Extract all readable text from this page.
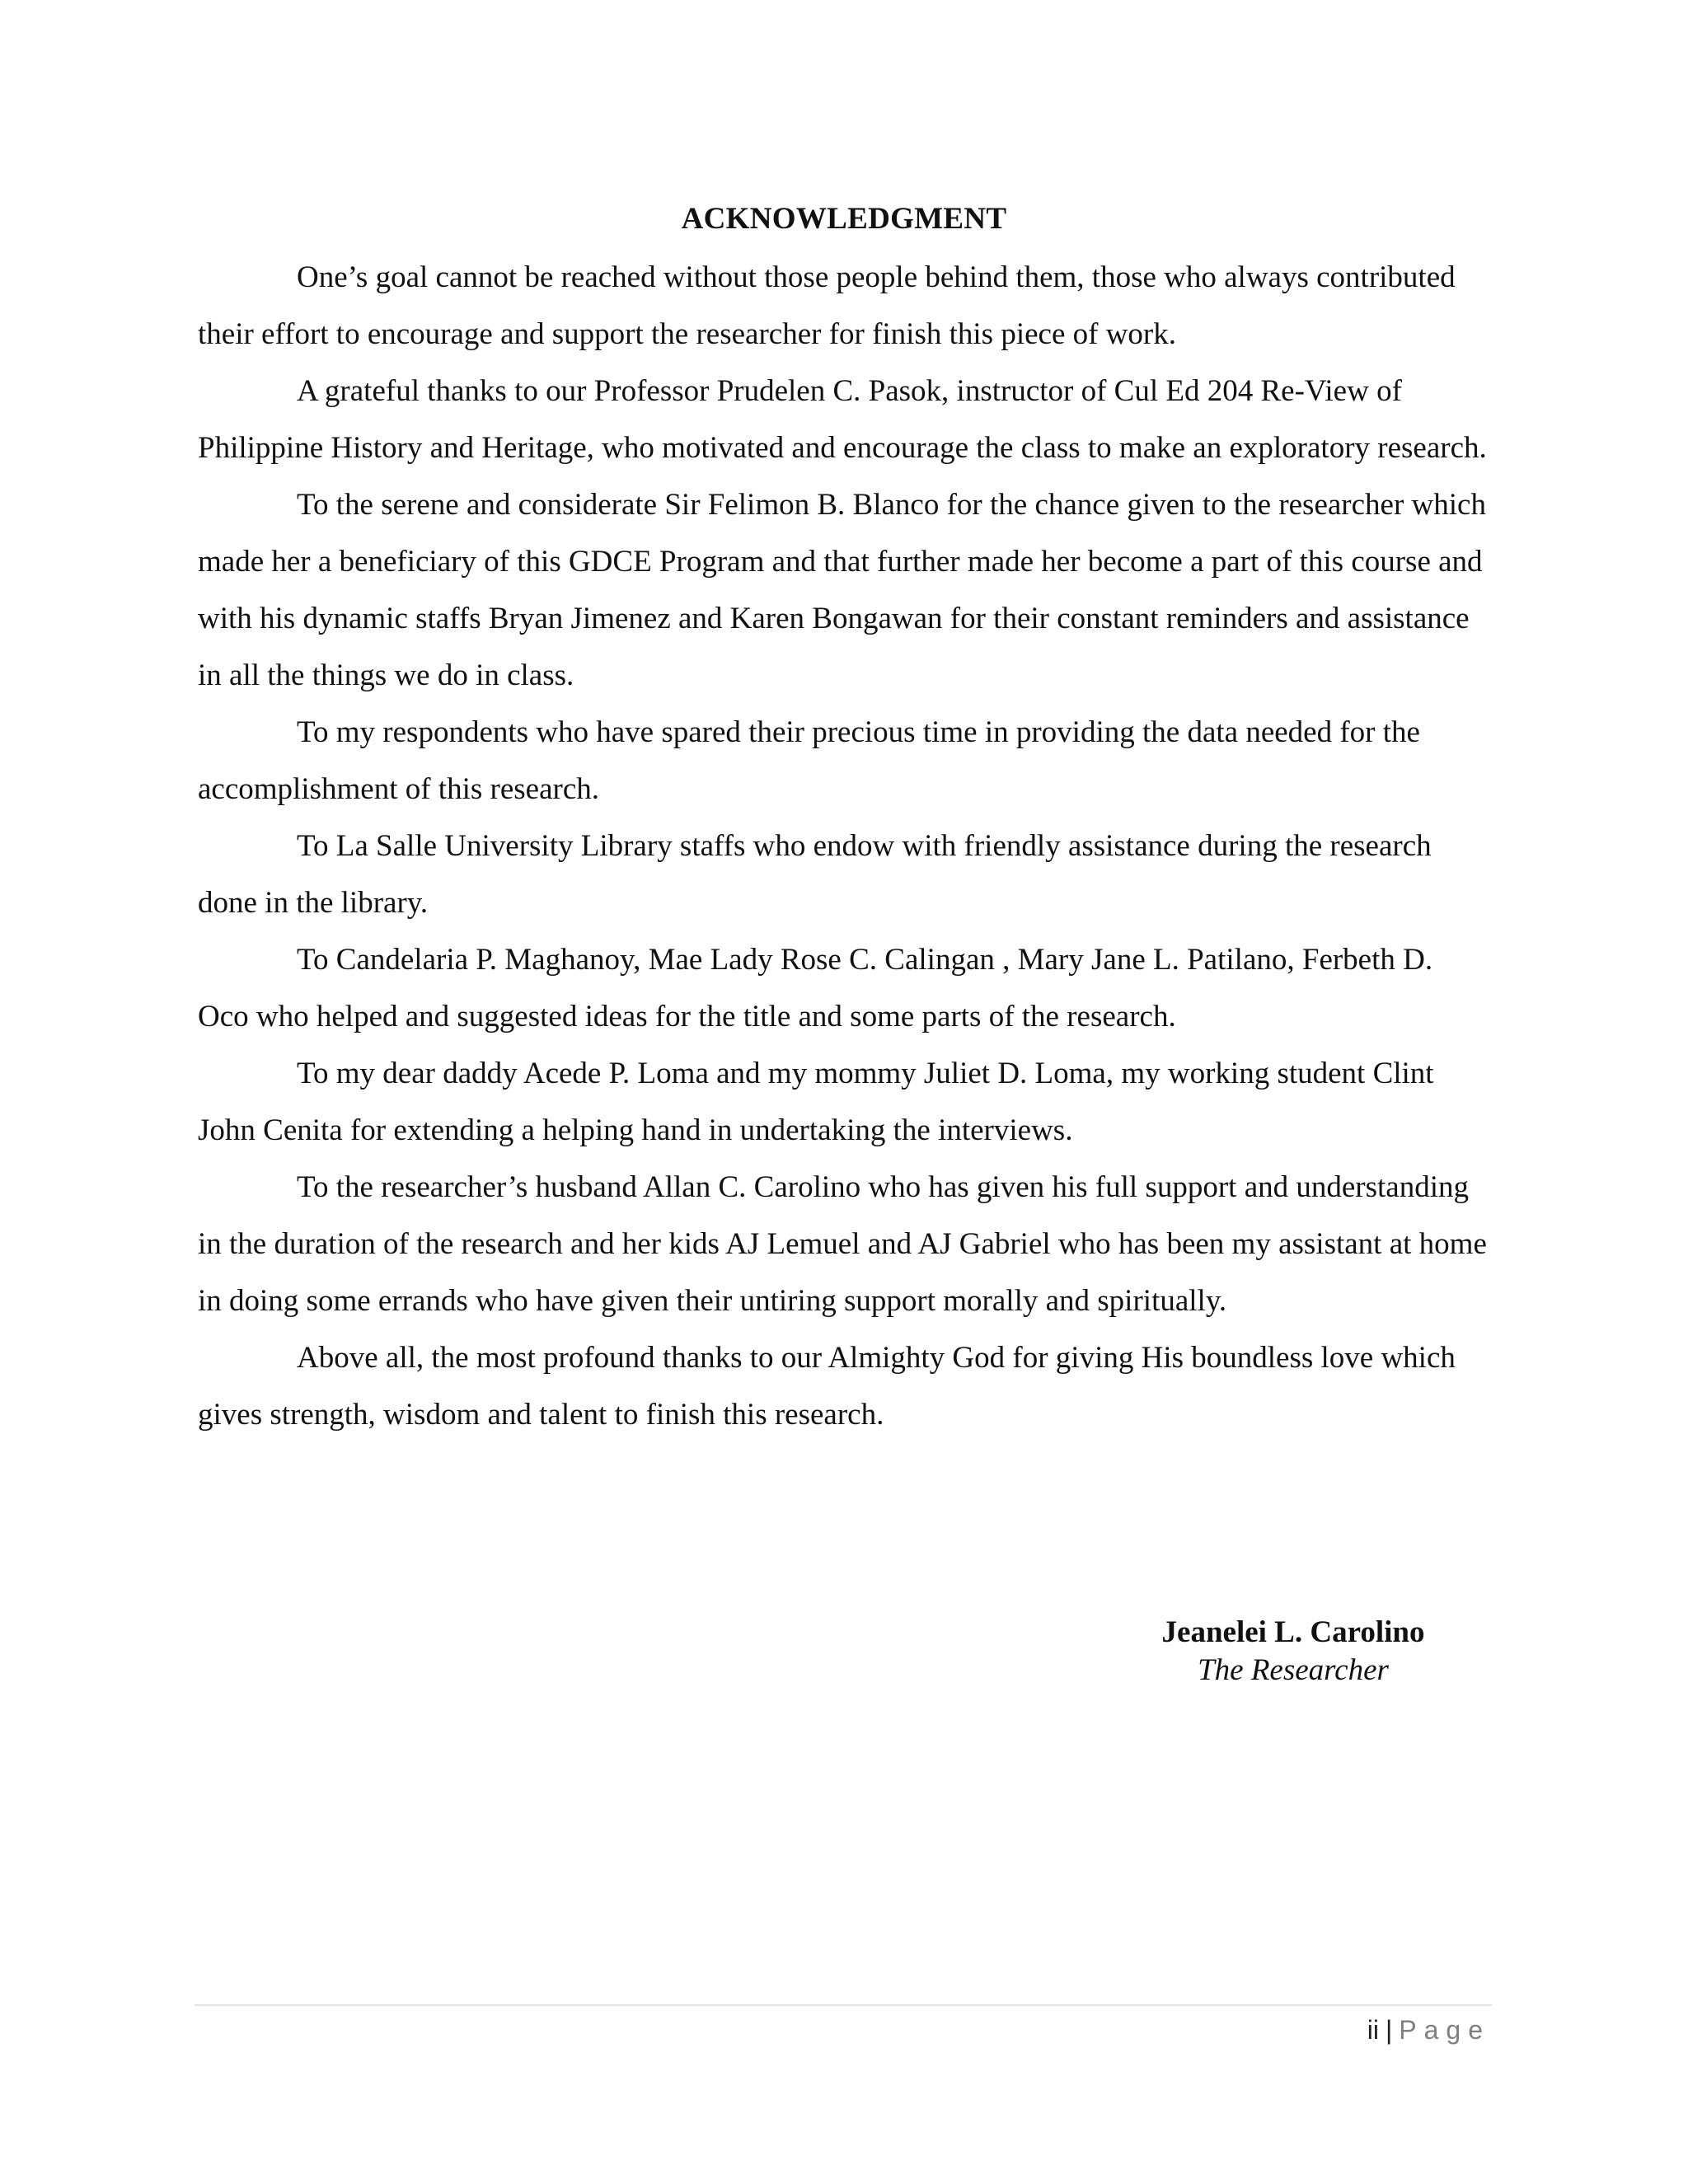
ACKNOWLEDGMENT

One’s goal cannot be reached without those people behind them, those who always contributed their effort to encourage and support the researcher for finish this piece of work.

A grateful thanks to our Professor Prudelen C. Pasok, instructor of Cul Ed 204 Re-View of Philippine History and Heritage, who motivated and encourage the class to make an exploratory research.

To the serene and considerate Sir Felimon B. Blanco for the chance given to the researcher which made her a beneficiary of this GDCE Program and that further made her become a part of this course and with his dynamic staffs Bryan Jimenez and Karen Bongawan for their constant reminders and assistance in all the things we do in class.

To my respondents who have spared their precious time in providing the data needed for the accomplishment of this research.

To La Salle University Library staffs who endow with friendly assistance during the research done in the library.

To Candelaria P. Maghanoy, Mae Lady Rose C. Calingan , Mary Jane L. Patilano, Ferbeth D. Oco who helped and suggested ideas for the title and some parts of the research.

To my dear daddy Acede P. Loma and my mommy Juliet D. Loma, my working student Clint John Cenita for extending a helping hand in undertaking the interviews.

To the researcher’s husband Allan C. Carolino who has given his full support and understanding in the duration of the research and her kids AJ Lemuel and AJ Gabriel who has been my assistant at home in doing some errands who have given their untiring support morally and spiritually.

Above all, the most profound thanks to our Almighty God for giving His boundless love which gives strength, wisdom and talent to finish this research.

Jeanelei L. Carolino
The Researcher
ii | Page
